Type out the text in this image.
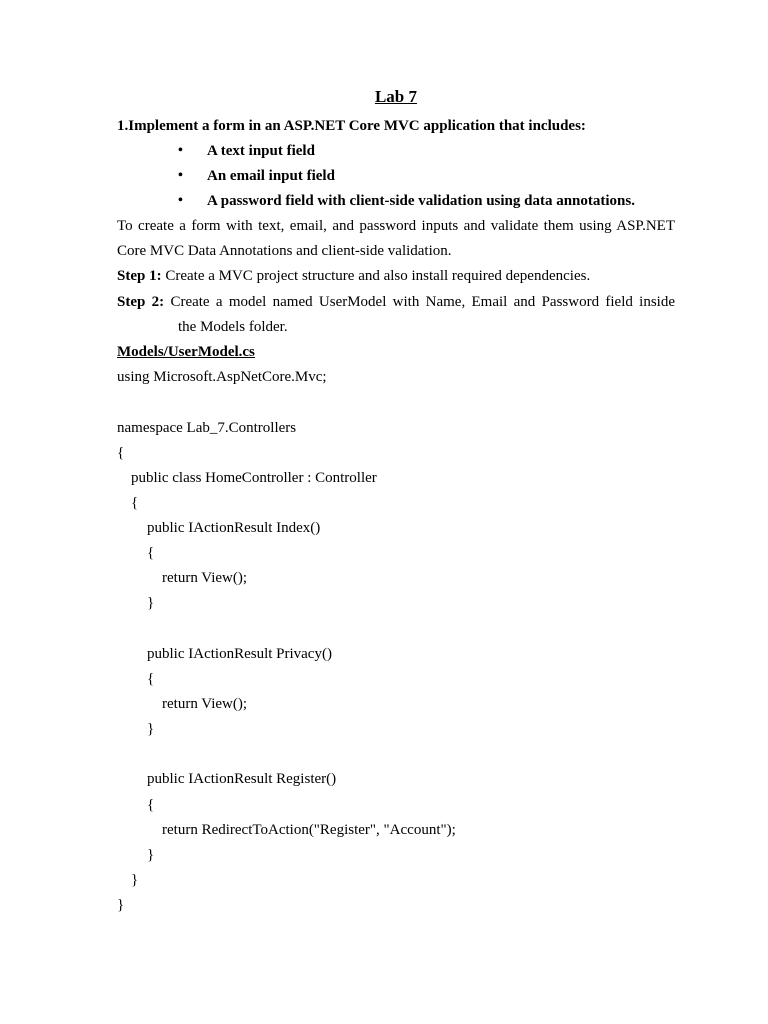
Lab 7
1.Implement a form in an ASP.NET Core MVC application that includes:
• A text input field
• An email input field
• A password field with client-side validation using data annotations.
To create a form with text, email, and password inputs and validate them using ASP.NET
Core MVC Data Annotations and client-side validation.
Step 1: Create a MVC project structure and also install required dependencies.
Step 2: Create a model named UserModel with Name, Email and Password field inside
the Models folder.
Models/UserModel.cs
using Microsoft.AspNetCore.Mvc;
namespace Lab_7.Controllers
{
public class HomeController : Controller
{
public IActionResult Index()
{
return View();
}
public IActionResult Privacy()
{
return View();
}
public IActionResult Register()
{
return RedirectToAction("Register", "Account");
}
}
}
